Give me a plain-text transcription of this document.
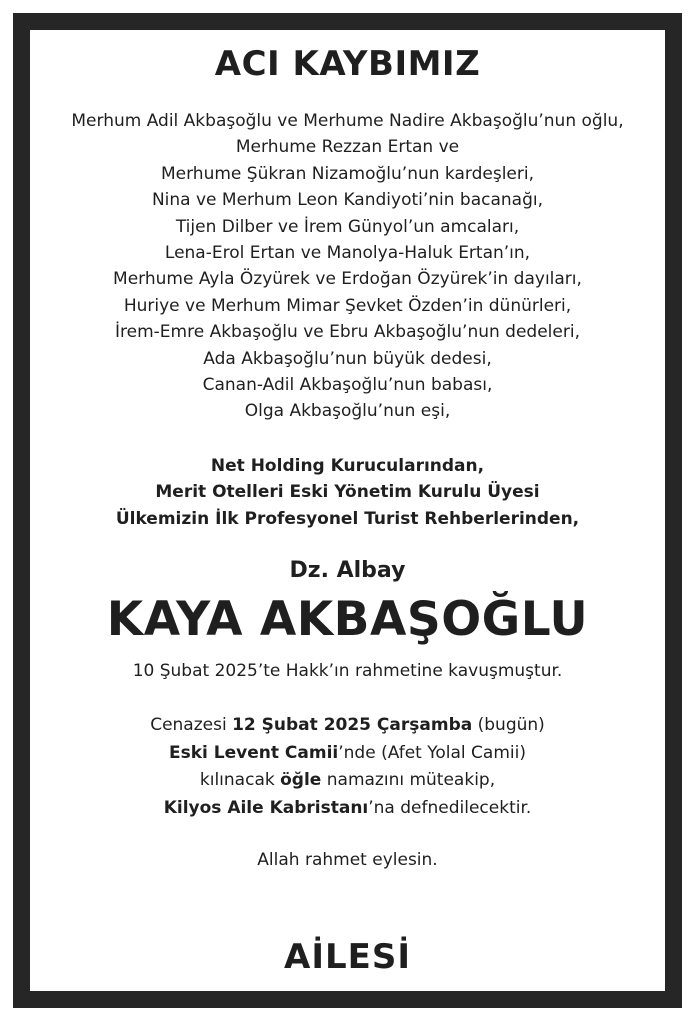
ACI KAYBIMIZ
Merhum Adil Akbaşoğlu ve Merhume Nadire Akbaşoğlu’nun oğlu,
Merhume Rezzan Ertan ve
Merhume Şükran Nizamoğlu’nun kardeşleri,
Nina ve Merhum Leon Kandiyoti’nin bacanağı,
Tijen Dilber ve İrem Günyol’un amcaları,
Lena-Erol Ertan ve Manolya-Haluk Ertan’ın,
Merhume Ayla Özyürek ve Erdoğan Özyürek’in dayıları,
Huriye ve Merhum Mimar Şevket Özden’in dünürleri,
İrem-Emre Akbaşoğlu ve Ebru Akbaşoğlu’nun dedeleri,
Ada Akbaşoğlu’nun büyük dedesi,
Canan-Adil Akbaşoğlu’nun babası,
Olga Akbaşoğlu’nun eşi,
Net Holding Kurucularından,
Merit Otelleri Eski Yönetim Kurulu Üyesi
Ülkemizin İlk Profesyonel Turist Rehberlerinden,
Dz. Albay
KAYA AKBAŞOĞLU
10 Şubat 2025’te Hakk’ın rahmetine kavuşmuştur.
Cenazesi 12 Şubat 2025 Çarşamba (bugün)
Eski Levent Camii’nde (Afet Yolal Camii)
kılınacak öğle namazını müteakip,
Kilyos Aile Kabristanı’na defnedilecektir.
Allah rahmet eylesin.
AİLESİ
